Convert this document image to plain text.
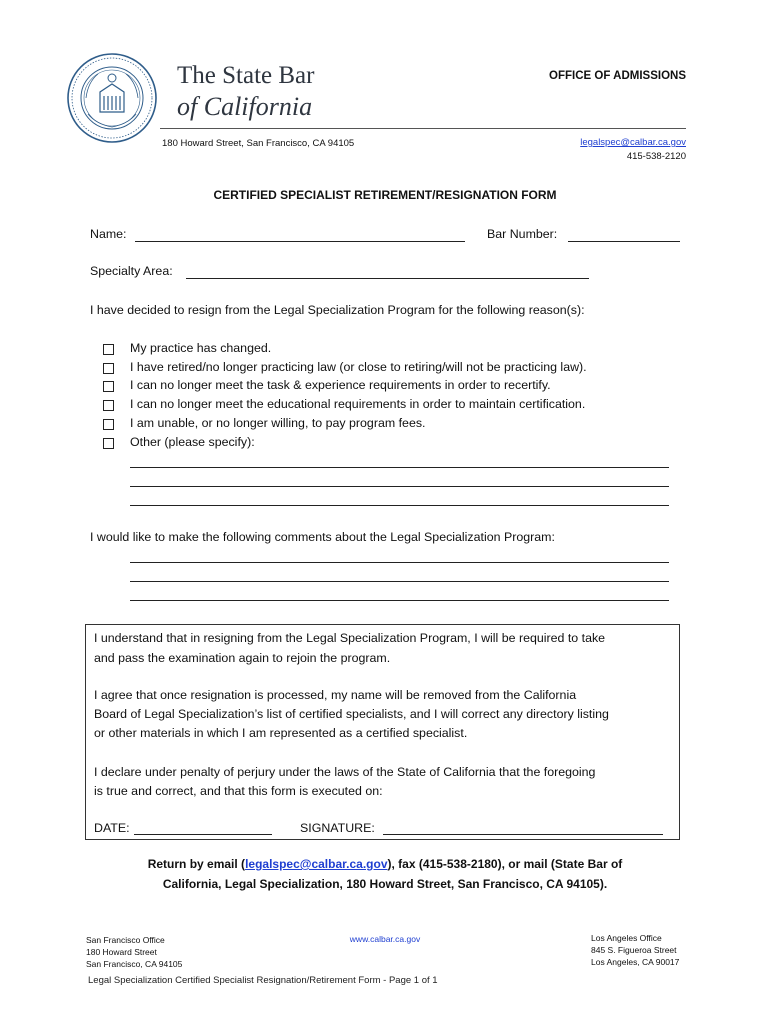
The State Bar
of California
OFFICE OF ADMISSIONS
180 Howard Street, San Francisco, CA 94105	legalspec@calbar.ca.gov
415-538-2120
CERTIFIED SPECIALIST RETIREMENT/RESIGNATION FORM
Name:	Bar Number:
Specialty Area:
I have decided to resign from the Legal Specialization Program for the following reason(s):
My practice has changed.
I have retired/no longer practicing law (or close to retiring/will not be practicing law).
I can no longer meet the task & experience requirements in order to recertify.
I can no longer meet the educational requirements in order to maintain certification.
I am unable, or no longer willing, to pay program fees.
Other (please specify):
I would like to make the following comments about the Legal Specialization Program:
I understand that in resigning from the Legal Specialization Program, I will be required to take
and pass the examination again to rejoin the program.
I agree that once resignation is processed, my name will be removed from the California
Board of Legal Specialization’s list of certified specialists, and I will correct any directory listing
or other materials in which I am represented as a certified specialist.
I declare under penalty of perjury under the laws of the State of California that the foregoing
is true and correct, and that this form is executed on:
DATE:	SIGNATURE:
Return by email (legalspec@calbar.ca.gov), fax (415-538-2180), or mail (State Bar of
California, Legal Specialization, 180 Howard Street, San Francisco, CA 94105).
San Francisco Office
180 Howard Street
San Francisco, CA 94105
www.calbar.ca.gov	Los Angeles Office
845 S. Figueroa Street
Los Angeles, CA 90017
Legal Specialization Certified Specialist Resignation/Retirement Form - Page 1 of 1
